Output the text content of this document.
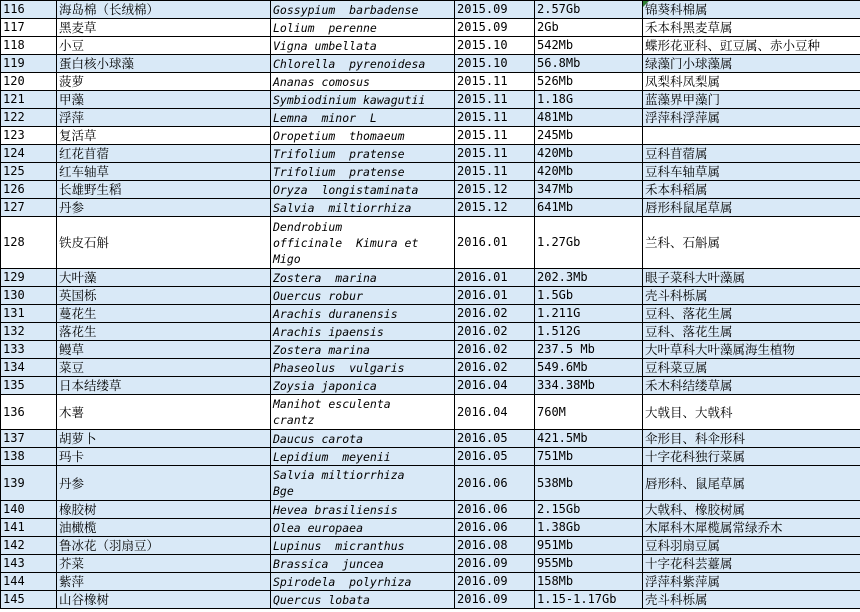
116	海岛棉（长绒棉）	Gossypium  barbadense	2015.09	2.57Gb	锦葵科棉属
117	黑麦草	Lolium  perenne	2015.09	2Gb	禾本科黑麦草属
118	小豆	Vigna umbellata	2015.10	542Mb	蝶形花亚科、豇豆属、赤小豆种
119	蛋白核小球藻	Chlorella  pyrenoidesa	2015.10	56.8Mb	绿藻门小球藻属
120	菠萝	Ananas comosus	2015.11	526Mb	凤梨科凤梨属
121	甲藻	Symbiodinium kawagutii	2015.11	1.18G	蓝藻界甲藻门
122	浮萍	Lemna  minor  L	2015.11	481Mb	浮萍科浮萍属
123	复活草	Oropetium  thomaeum	2015.11	245Mb	
124	红花苜蓿	Trifolium  pratense	2015.11	420Mb	豆科苜蓿属
125	红车轴草	Trifolium  pratense	2015.11	420Mb	豆科车轴草属
126	长雄野生稻	Oryza  longistaminata	2015.12	347Mb	禾本科稻属
127	丹参	Salvia  miltiorrhiza	2015.12	641Mb	唇形科鼠尾草属
128	铁皮石斛	Dendrobium
officinale  Kimura et
Migo	2016.01	1.27Gb	兰科、石斛属
129	大叶藻	Zostera  marina	2016.01	202.3Mb	眼子菜科大叶藻属
130	英国栎	Ouercus robur	2016.01	1.5Gb	壳斗科栎属
131	蔓花生	Arachis duranensis	2016.02	1.211G	豆科、落花生属
132	落花生	Arachis ipaensis	2016.02	1.512G	豆科、落花生属
133	鳗草	Zostera marina	2016.02	237.5 Mb	大叶草科大叶藻属海生植物
134	菜豆	Phaseolus  vulgaris	2016.02	549.6Mb	豆科菜豆属
135	日本结缕草	Zoysia japonica	2016.04	334.38Mb	禾木科结缕草属
136	木薯	Manihot esculenta
crantz	2016.04	760M	大戟目、大戟科
137	胡萝卜	Daucus carota	2016.05	421.5Mb	伞形目、科伞形科
138	玛卡	Lepidium  meyenii	2016.05	751Mb	十字花科独行菜属
139	丹参	Salvia miltiorrhiza
Bge	2016.06	538Mb	唇形科、鼠尾草属
140	橡胶树	Hevea brasiliensis	2016.06	2.15Gb	大戟科、橡胶树属
141	油橄榄	Olea europaea	2016.06	1.38Gb	木犀科木犀榄属常绿乔木
142	鲁冰花（羽扇豆）	Lupinus  micranthus	2016.08	951Mb	豆科羽扇豆属
143	芥菜	Brassica  juncea	2016.09	955Mb	十字花科芸薹属
144	紫萍	Spirodela  polyrhiza	2016.09	158Mb	浮萍科紫萍属
145	山谷橡树	Quercus lobata	2016.09	1.15-1.17Gb	壳斗科栎属
